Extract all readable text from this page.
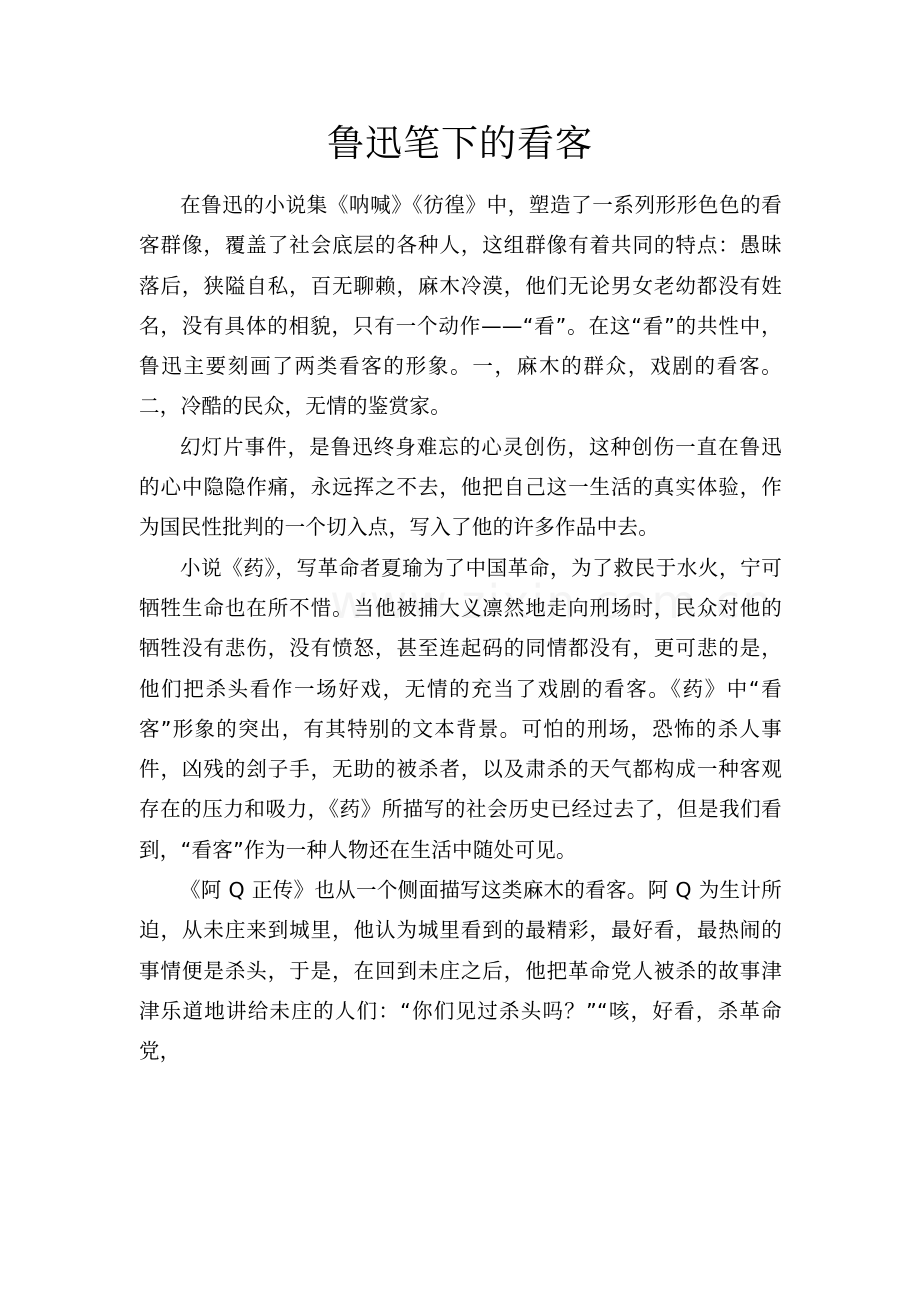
鲁迅笔下的看客

在鲁迅的小说集《呐喊》《彷徨》中，塑造了一系列形形色色的看客群像，覆盖了社会底层的各种人，这组群像有着共同的特点：愚昧落后，狭隘自私，百无聊赖，麻木冷漠，他们无论男女老幼都没有姓名，没有具体的相貌，只有一个动作——“看”。在这“看”的共性中，鲁迅主要刻画了两类看客的形象。一，麻木的群众，戏剧的看客。二，冷酷的民众，无情的鉴赏家。

幻灯片事件，是鲁迅终身难忘的心灵创伤，这种创伤一直在鲁迅的心中隐隐作痛，永远挥之不去，他把自己这一生活的真实体验，作为国民性批判的一个切入点，写入了他的许多作品中去。

小说《药》，写革命者夏瑜为了中国革命，为了救民于水火，宁可牺牲生命也在所不惜。当他被捕大义凛然地走向刑场时，民众对他的牺牲没有悲伤，没有愤怒，甚至连起码的同情都没有，更可悲的是，他们把杀头看作一场好戏，无情的充当了戏剧的看客。《药》中“看客”形象的突出，有其特别的文本背景。可怕的刑场，恐怖的杀人事件，凶残的刽子手，无助的被杀者，以及肃杀的天气都构成一种客观存在的压力和吸力，《药》所描写的社会历史已经过去了，但是我们看到，“看客”作为一种人物还在生活中随处可见。

《阿 Q 正传》也从一个侧面描写这类麻木的看客。阿 Q 为生计所迫，从未庄来到城里，他认为城里看到的最精彩，最好看，最热闹的事情便是杀头，于是，在回到未庄之后，他把革命党人被杀的故事津津乐道地讲给未庄的人们：“你们见过杀头吗？”“咳，好看，杀革命党，
